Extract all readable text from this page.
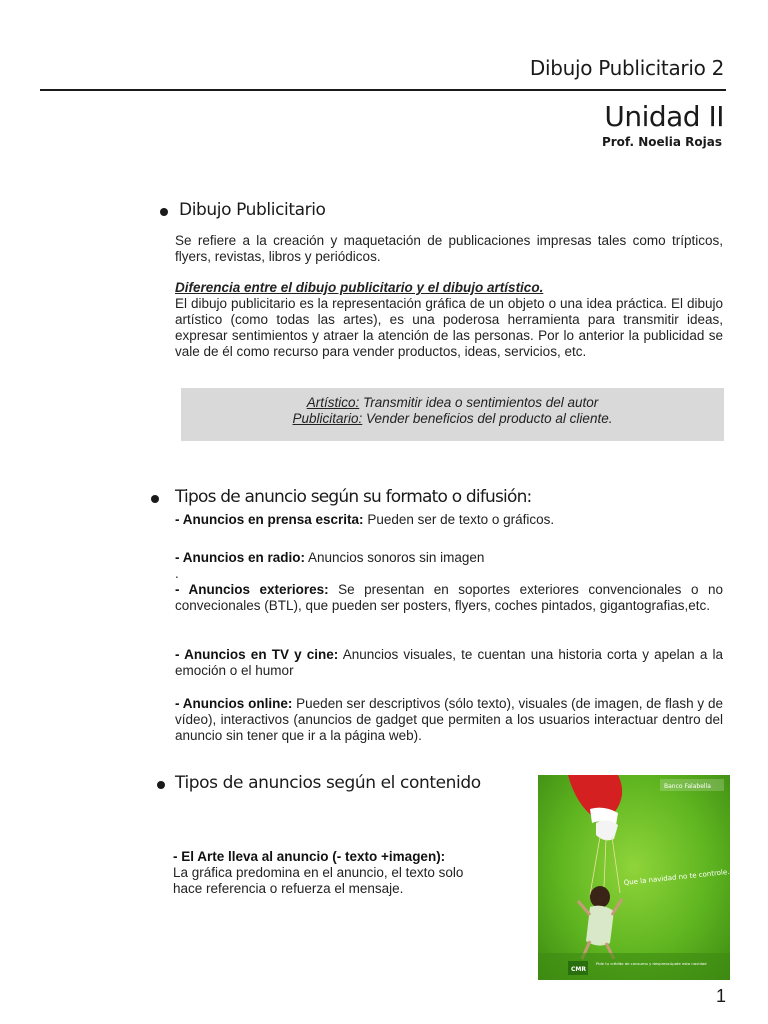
Dibujo Publicitario 2
Unidad II
Prof. Noelia Rojas
Dibujo Publicitario
Se refiere a la creación y maquetación de publicaciones impresas tales como trípticos, flyers, revistas, libros y periódicos.
Diferencia entre el dibujo publicitario y el dibujo artístico.
El dibujo publicitario es la representación gráfica de un objeto o una idea práctica. El dibujo artístico (como todas las artes), es una poderosa herramienta para transmitir ideas, expresar sentimientos y atraer la atención de las personas. Por lo anterior la publicidad se vale de él como recurso para vender productos, ideas, servicios, etc.
Artístico: Transmitir idea o sentimientos del autor
Publicitario: Vender beneficios del producto al cliente.
Tipos de anuncio según su formato o difusión:
- Anuncios en prensa escrita: Pueden ser de texto o gráficos.
- Anuncios en radio: Anuncios sonoros sin imagen
.
- Anuncios exteriores: Se presentan en soportes exteriores convencionales o no convecionales (BTL), que pueden ser posters, flyers, coches pintados, gigantografias,etc.
- Anuncios en TV y cine: Anuncios visuales, te cuentan una historia corta y apelan a la emoción o el humor
- Anuncios online: Pueden ser descriptivos (sólo texto), visuales (de imagen, de flash y de vídeo), interactivos (anuncios de gadget que permiten a los usuarios interactuar dentro del anuncio sin tener que ir a la página web).
Tipos de anuncios según el contenido
- El Arte lleva al anuncio (- texto +imagen):
La gráfica predomina en el anuncio, el texto solo hace referencia o refuerza el mensaje.
Banco Falabella
Que la navidad no te controle.
CMR
Pide tu crédito de consumo y despreocúpate esta navidad
1
